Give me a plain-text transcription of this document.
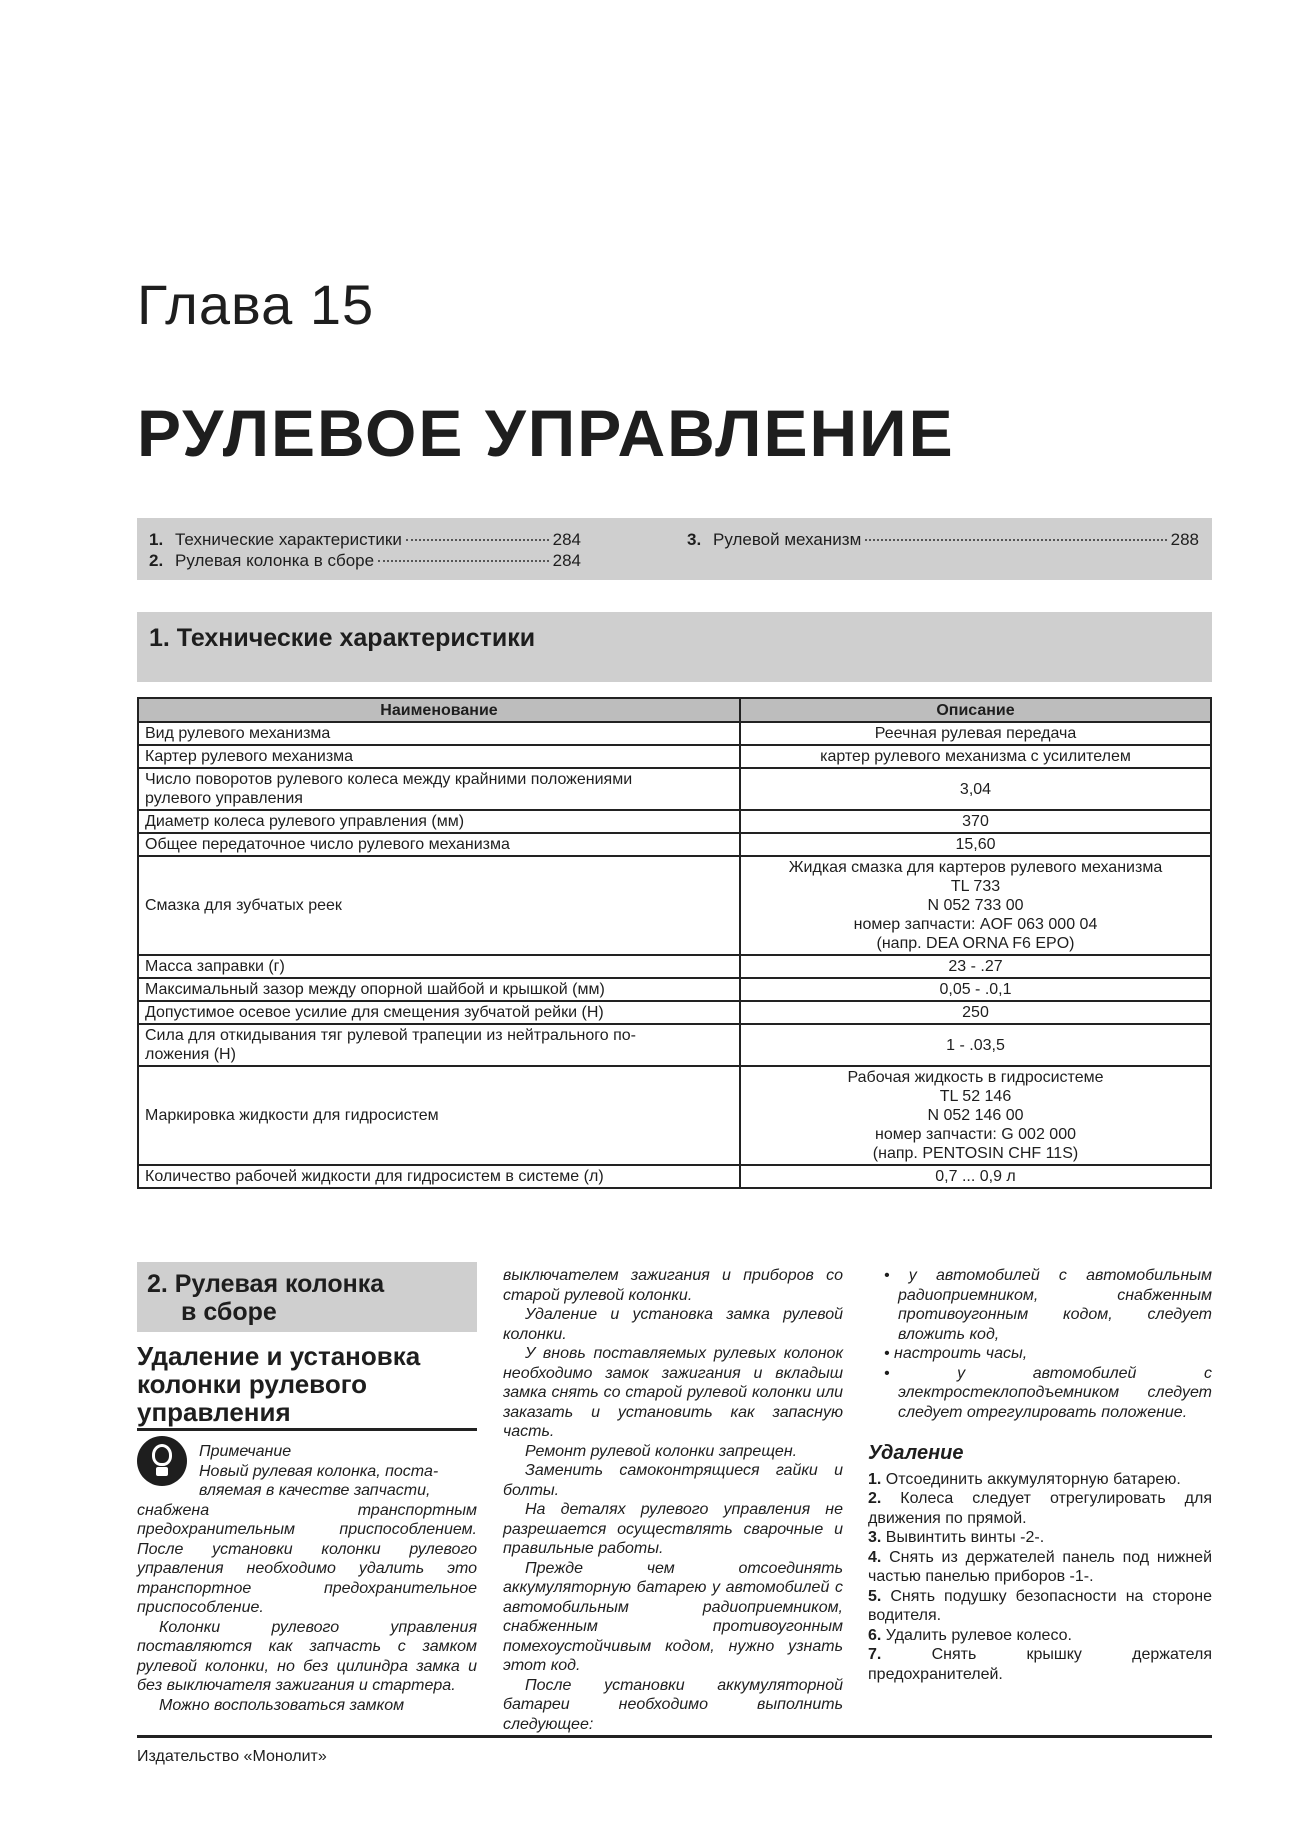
Глава 15
РУЛЕВОЕ УПРАВЛЕНИЕ
1. Технические характеристики	284
2. Рулевая колонка в сборе	284
3. Рулевой механизм	288
1. Технические характеристики
Наименование	Описание

Вид рулевого механизма	Реечная рулевая передача

Картер рулевого механизма	картер рулевого механизма с усилителем

Число поворотов рулевого колеса между крайними положениями
рулевого управления	3,04

Диаметр колеса рулевого управления (мм)	370

Общее передаточное число рулевого механизма	15,60

Смазка для зубчатых реек	Жидкая смазка для картеров рулевого механизма
TL 733
N 052 733 00
номер запчасти: AOF 063 000 04
(напр. DEA ORNA F6 EPO)

Масса заправки (г)	23 - .27

Максимальный зазор между опорной шайбой и крышкой (мм)	0,05 - .0,1

Допустимое осевое усилие для смещения зубчатой рейки (Н)	250

Сила для откидывания тяг рулевой трапеции из нейтрального по-
ложения (Н)	1 - .03,5

Маркировка жидкости для гидросистем	Рабочая жидкость в гидросистеме
TL 52 146
N 052 146 00
номер запчасти: G 002 000
(напр. PENTOSIN CHF 11S)

Количество рабочей жидкости для гидросистем в системе (л)	0,7 ... 0,9 л
2. Рулевая колонка
в сборе
Удаление и установка
колонки рулевого
управления

Примечание

Новый рулевая колонка, поста-

вляемая в качестве запчасти,

снабжена транспортным предохранительным приспособлением. После установки колонки рулевого управления необходимо удалить это транспортное предохранительное приспособление.

Колонки рулевого управления поставляются как запчасть с замком рулевой колонки, но без цилиндра замка и без выключателя зажигания и стартера.

Можно воспользоваться замком

выключателем зажигания и приборов со старой рулевой колонки.

Удаление и установка замка рулевой колонки.

У вновь поставляемых рулевых колонок необходимо замок зажигания и вкладыш замка снять со старой рулевой колонки или заказать и установить как запасную часть.

Ремонт рулевой колонки запрещен.

Заменить самоконтрящиеся гайки и болты.

На деталях рулевого управления не разрешается осуществлять сварочные и правильные работы.

Прежде чем отсоединять аккумуляторную батарею у автомобилей с автомобильным радиоприемником, снабженным противоугонным помехоустойчивым кодом, нужно узнать этот код.

После установки аккумуляторной батареи необходимо выполнить следующее:

• у автомобилей с автомобильным радиоприемником, снабженным противоугонным кодом, следует вложить код,

• настроить часы,

• у автомобилей с электростеклоподъемником следует следует отрегулировать положение.

Удаление

1. Отсоединить аккумуляторную батарею.

2. Колеса следует отрегулировать для движения по прямой.

3. Вывинтить винты -2-.

4. Снять из держателей панель под нижней частью панелью приборов -1-.

5. Снять подушку безопасности на стороне водителя.

6. Удалить рулевое колесо.

7.	Снять крышку держателя предохранителей.

Издательство «Монолит»
